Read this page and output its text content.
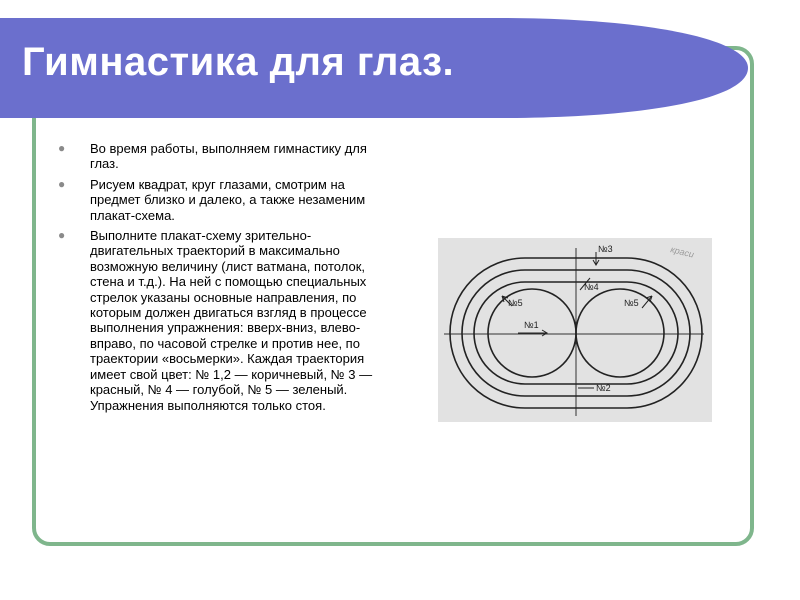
Гимнастика для глаз.
● Во время работы, выполняем гимнастику для глаз.
● Рисуем квадрат, круг глазами, смотрим на предмет близко и далеко, а также незаменим плакат-схема.
● Выполните плакат-схему зрительно-двигательных траекторий в максимально возможную величину (лист ватмана, потолок, стена и т.д.). На ней с помощью специальных стрелок указаны основные направления, по которым должен двигаться взгляд в процессе выполнения упражнения: вверх-вниз, влево-вправо, по часовой стрелке и против нее, по траектории «восьмерки». Каждая траектория имеет свой цвет: № 1,2 — коричневый, № 3 — красный, № 4 — голубой, № 5 — зеленый. Упражнения выполняются только стоя.
№3
№4
№5	№5
№1
№2
краси
